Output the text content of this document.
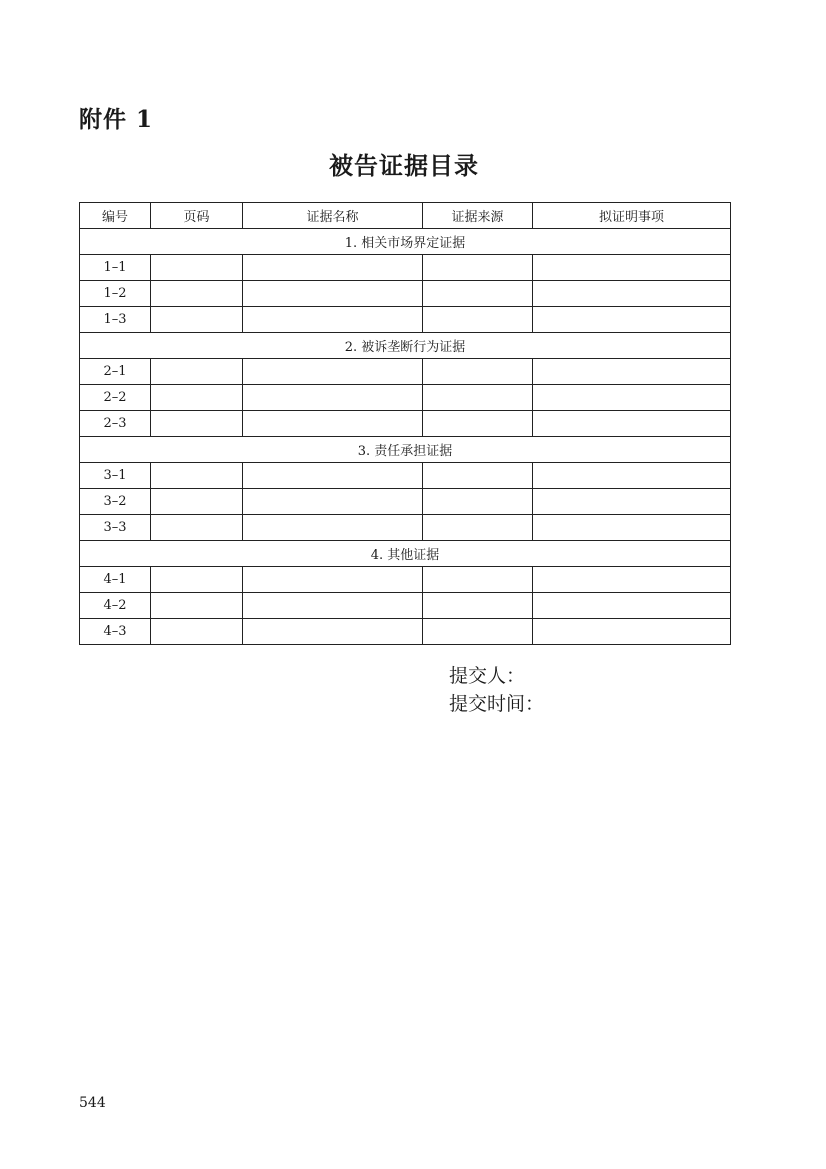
附件 1
被告证据目录
编号	页码	证据名称	证据来源	拟证明事项
1. 相关市场界定证据				
1–1				
1–2				
1–3				
2. 被诉垄断行为证据				
2–1				
2–2				
2–3				
3. 责任承担证据				
3–1				
3–2				
3–3				
4. 其他证据				
4–1				
4–2				
4–3				
提交人：
提交时间：
544
